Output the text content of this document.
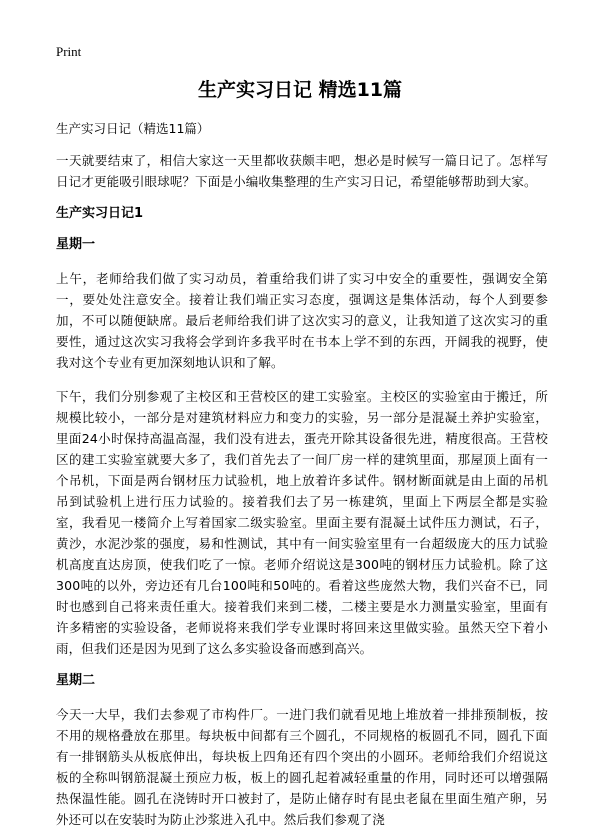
Print
生产实习日记 精选11篇

生产实习日记（精选11篇）

一天就要结束了，相信大家这一天里都收获颇丰吧，想必是时候写一篇日记了。怎样写日记才更能吸引眼球呢？下面是小编收集整理的生产实习日记，希望能够帮助到大家。

生产实习日记1

星期一

上午，老师给我们做了实习动员，着重给我们讲了实习中安全的重要性，强调安全第一，要处处注意安全。接着让我们端正实习态度，强调这是集体活动，每个人到要参加，不可以随便缺席。最后老师给我们讲了这次实习的意义，让我知道了这次实习的重要性，通过这次实习我将会学到许多我平时在书本上学不到的东西，开阔我的视野，使我对这个专业有更加深刻地认识和了解。

下午，我们分别参观了主校区和王营校区的建工实验室。主校区的实验室由于搬迁，所规模比较小，一部分是对建筑材料应力和变力的实验，另一部分是混凝土养护实验室，里面24小时保持高温高湿，我们没有进去，蛋壳开除其设备很先进，精度很高。王营校区的建工实验室就要大多了，我们首先去了一间厂房一样的建筑里面，那屋顶上面有一个吊机，下面是两台钢材压力试验机，地上放着许多试件。钢材断面就是由上面的吊机吊到试验机上进行压力试验的。接着我们去了另一栋建筑，里面上下两层全都是实验室，我看见一楼简介上写着国家二级实验室。里面主要有混凝土试件压力测试，石子，黄沙，水泥沙浆的强度，易和性测试，其中有一间实验室里有一台超级庞大的压力试验机高度直达房顶，使我们吃了一惊。老师介绍说这是300吨的钢材压力试验机。除了这300吨的以外，旁边还有几台100吨和50吨的。看着这些庞然大物，我们兴奋不已，同时也感到自己将来责任重大。接着我们来到二楼，二楼主要是水力测量实验室，里面有许多精密的实验设备，老师说将来我们学专业课时将回来这里做实验。虽然天空下着小雨，但我们还是因为见到了这么多实验设备而感到高兴。

星期二

今天一大早，我们去参观了市构件厂。一进门我们就看见地上堆放着一排排预制板，按不用的规格叠放在那里。每块板中间都有三个圆孔，不同规格的板圆孔不同，圆孔下面有一排钢筋头从板底伸出，每块板上四角还有四个突出的小圆环。老师给我们介绍说这板的全称叫钢筋混凝土预应力板，板上的圆孔起着减轻重量的作用，同时还可以增强隔热保温性能。圆孔在浇铸时开口被封了，是防止储存时有昆虫老鼠在里面生殖产卵，另外还可以在安装时为防止沙浆进入孔中。然后我们参观了浇
